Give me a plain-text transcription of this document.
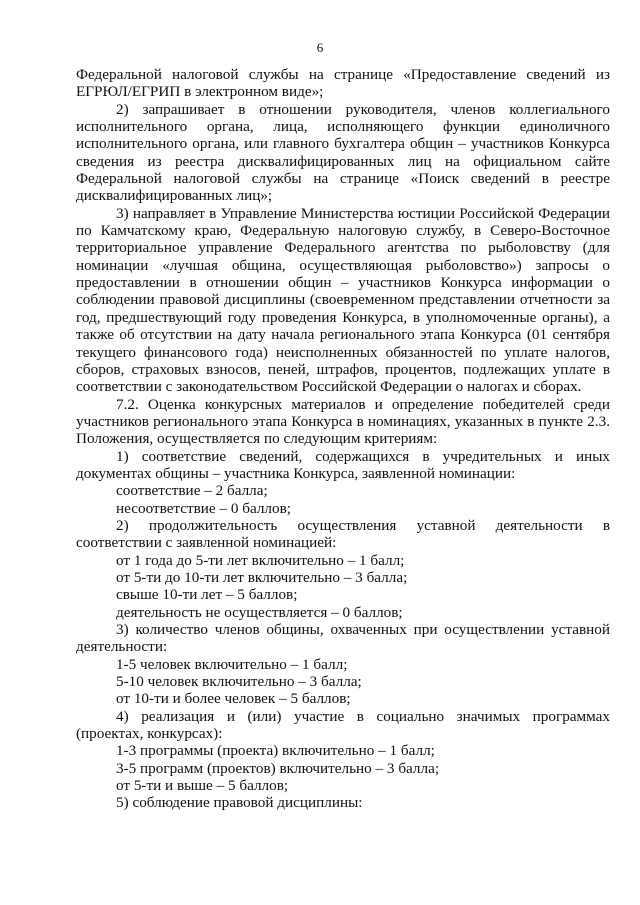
6

Федеральной налоговой службы на странице «Предоставление сведений из ЕГРЮЛ/ЕГРИП в электронном виде»;

2) запрашивает в отношении руководителя, членов коллегиального исполнительного органа, лица, исполняющего функции единоличного исполнительного органа, или главного бухгалтера общин – участников Конкурса сведения из реестра дисквалифицированных лиц на официальном сайте Федеральной налоговой службы на странице «Поиск сведений в реестре дисквалифицированных лиц»;

3) направляет в Управление Министерства юстиции Российской Федерации по Камчатскому краю, Федеральную налоговую службу, в Северо-Восточное территориальное управление Федерального агентства по рыболовству (для номинации «лучшая община, осуществляющая рыболовство») запросы о предоставлении в отношении общин – участников Конкурса информации о соблюдении правовой дисциплины (своевременном представлении отчетности за год, предшествующий году проведения Конкурса, в уполномоченные органы), а также об отсутствии на дату начала регионального этапа Конкурса (01 сентября текущего финансового года) неисполненных обязанностей по уплате налогов, сборов, страховых взносов, пеней, штрафов, процентов, подлежащих уплате в соответствии с законодательством Российской Федерации о налогах и сборах.

7.2. Оценка конкурсных материалов и определение победителей среди участников регионального этапа Конкурса в номинациях, указанных в пункте 2.3. Положения, осуществляется по следующим критериям:

1) соответствие сведений, содержащихся в учредительных и иных документах общины – участника Конкурса, заявленной номинации:

соответствие – 2 балла;

несоответствие – 0 баллов;

2) продолжительность осуществления уставной деятельности в соответствии с заявленной номинацией:

от 1 года до 5-ти лет включительно – 1 балл;

от 5-ти до 10-ти лет включительно – 3 балла;

свыше 10-ти лет – 5 баллов;

деятельность не осуществляется – 0 баллов;

3) количество членов общины, охваченных при осуществлении уставной деятельности:

1-5 человек включительно – 1 балл;

5-10 человек включительно – 3 балла;

от 10-ти и более человек – 5 баллов;

4) реализация и (или) участие в социально значимых программах (проектах, конкурсах):

1-3 программы (проекта) включительно – 1 балл;

3-5 программ (проектов) включительно – 3 балла;

от 5-ти и выше – 5 баллов;

5) соблюдение правовой дисциплины:
